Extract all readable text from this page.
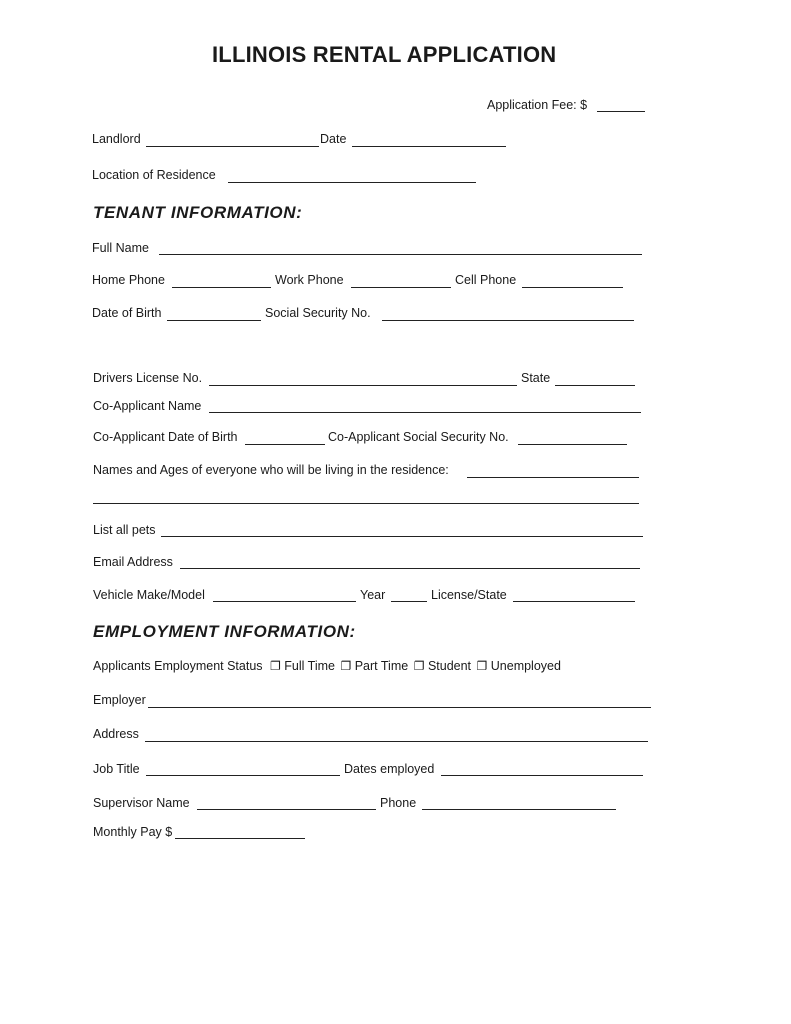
ILLINOIS RENTAL APPLICATION
Application Fee: $
Landlord	Date
Location of Residence
TENANT INFORMATION:
Full Name
Home Phone	Work Phone	Cell Phone
Date of Birth	Social Security No.
Drivers License No.	State
Co-Applicant Name
Co-Applicant Date of Birth	Co-Applicant Social Security No.
Names and Ages of everyone who will be living in the residence:
List all pets
Email Address
Vehicle Make/Model	Year	License/State
EMPLOYMENT INFORMATION:
Applicants Employment Status ❐ Full Time ❐ Part Time ❐ Student ❐ Unemployed
Employer
Address
Job Title	Dates employed
Supervisor Name	Phone
Monthly Pay $
